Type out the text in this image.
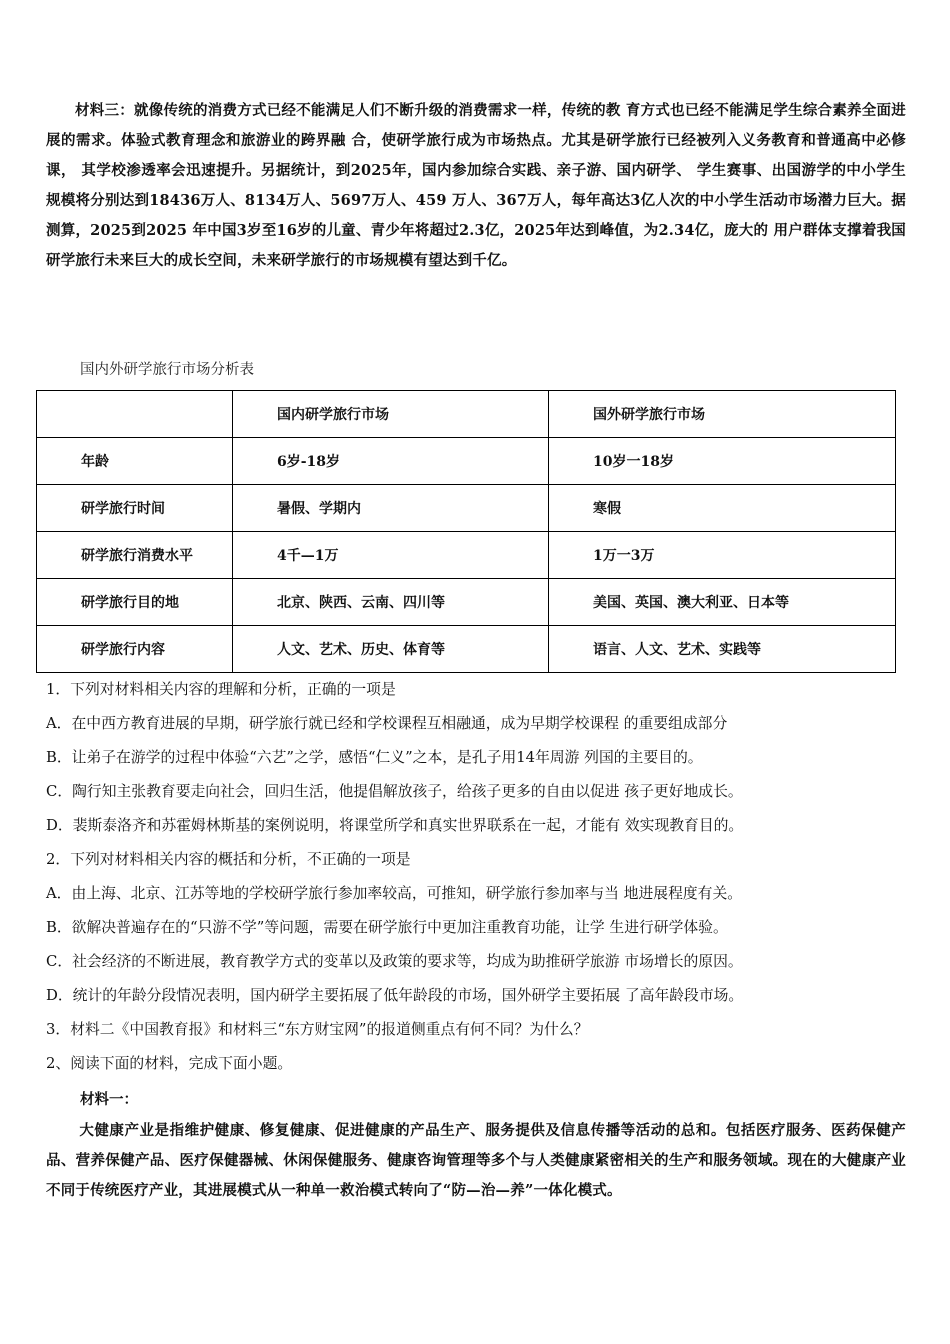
材料三：就像传统的消费方式已经不能满足人们不断升级的消费需求一样，传统的教 育方式也已经不能满足学生综合素养全面进展的需求。体验式教育理念和旅游业的跨界融 合，使研学旅行成为市场热点。尤其是研学旅行已经被列入义务教育和普通高中必修课， 其学校渗透率会迅速提升。另据统计，到2025年，国内参加综合实践、亲子游、国内研学、 学生赛事、出国游学的中小学生规模将分别达到18436万人、8134万人、5697万人、459 万人、367万人，每年高达3亿人次的中小学生活动市场潜力巨大。据测算，2025到2025 年中国3岁至16岁的儿童、青少年将超过2.3亿，2025年达到峰值，为2.34亿，庞大的 用户群体支撑着我国研学旅行未来巨大的成长空间，未来研学旅行的市场规模有望达到千亿。
国内外研学旅行市场分析表
	国内研学旅行市场	国外研学旅行市场
年龄	6岁-18岁	10岁一18岁
研学旅行时间	暑假、学期内	寒假
研学旅行消费水平	4千—1万	1万一3万
研学旅行目的地	北京、陕西、云南、四川等	美国、英国、澳大利亚、日本等
研学旅行内容	人文、艺术、历史、体育等	语言、人文、艺术、实践等
1．下列对材料相关内容的理解和分析，正确的一项是
A．在中西方教育进展的早期，研学旅行就已经和学校课程互相融通，成为早期学校课程 的重要组成部分
B．让弟子在游学的过程中体验“六艺”之学，感悟“仁义”之本，是孔子用14年周游 列国的主要目的。
C．陶行知主张教育要走向社会，回归生活，他提倡解放孩子，给孩子更多的自由以促进 孩子更好地成长。
D．裴斯泰洛齐和苏霍姆林斯基的案例说明，将课堂所学和真实世界联系在一起，才能有 效实现教育目的。
2．下列对材料相关内容的概括和分析，不正确的一项是
A．由上海、北京、江苏等地的学校研学旅行参加率较高，可推知，研学旅行参加率与当 地进展程度有关。
B．欲解决普遍存在的“只游不学”等问题，需要在研学旅行中更加注重教育功能，让学 生进行研学体验。
C．社会经济的不断进展，教育教学方式的变革以及政策的要求等，均成为助推研学旅游 市场增长的原因。
D．统计的年龄分段情况表明，国内研学主要拓展了低年龄段的市场，国外研学主要拓展 了高年龄段市场。
3．材料二《中国教育报》和材料三“东方财宝网”的报道侧重点有何不同？为什么？
2、阅读下面的材料，完成下面小题。
材料一：
大健康产业是指维护健康、修复健康、促进健康的产品生产、服务提供及信息传播等活动的总和。包括医疗服务、医药保健产品、营养保健产品、医疗保健器械、休闲保健服务、健康咨询管理等多个与人类健康紧密相关的生产和服务领域。现在的大健康产业不同于传统医疗产业，其进展模式从一种单一救治模式转向了“防—治—养”一体化模式。
